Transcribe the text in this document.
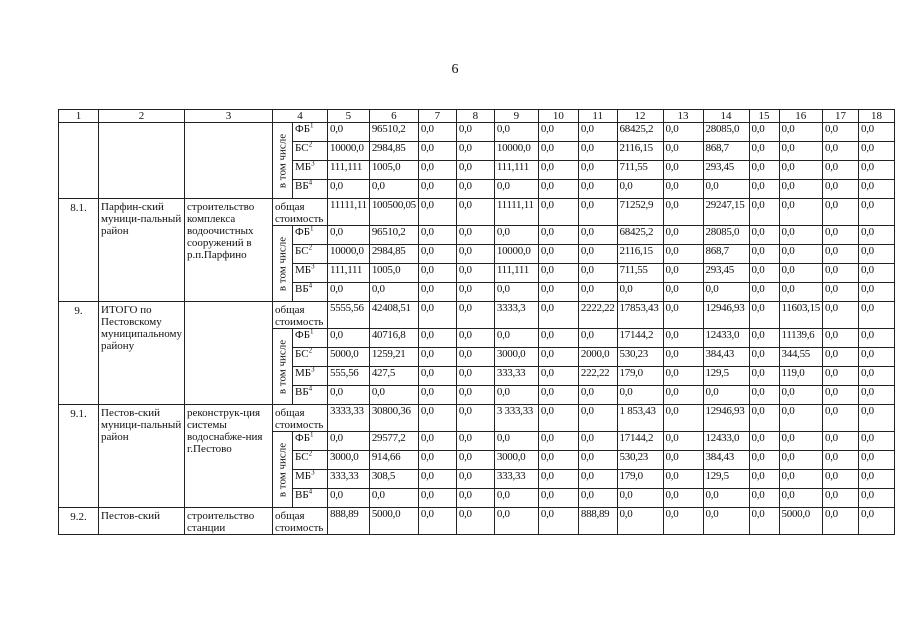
6
1	2	3	4		5	6	7	8	9	10	11	12	13	14	15	16	17	18

			в том числе	$ФБ^1$	0,0	96510,2	0,0	0,0	0,0	0,0	0,0	68425,2	0,0	28085,0	0,0	0,0	0,0	0,0
				$БС^2$	10000,0	2984,85	0,0	0,0	10000,0	0,0	0,0	2116,15	0,0	868,7	0,0	0,0	0,0	0,0
				$МБ^3$	111,111	1005,0	0,0	0,0	111,111	0,0	0,0	711,55	0,0	293,45	0,0	0,0	0,0	0,0
				$ВБ^4$	0,0	0,0	0,0	0,0	0,0	0,0	0,0	0,0	0,0	0,0	0,0	0,0	0,0	0,0
8.1.	Парфин-ский муници-пальный район	строительство комплекса водоочистных сооружений в р.п.Парфино	общая стоимость		11111,11	100500,05	0,0	0,0	11111,11	0,0	0,0	71252,9	0,0	29247,15	0,0	0,0	0,0	0,0

			в том числе	$ФБ^1$	0,0	96510,2	0,0	0,0	0,0	0,0	0,0	68425,2	0,0	28085,0	0,0	0,0	0,0	0,0
				$БС^2$	10000,0	2984,85	0,0	0,0	10000,0	0,0	0,0	2116,15	0,0	868,7	0,0	0,0	0,0	0,0
				$МБ^3$	111,111	1005,0	0,0	0,0	111,111	0,0	0,0	711,55	0,0	293,45	0,0	0,0	0,0	0,0
				$ВБ^4$	0,0	0,0	0,0	0,0	0,0	0,0	0,0	0,0	0,0	0,0	0,0	0,0	0,0	0,0
9.	ИТОГО по Пестовскому муниципальному району		общая стоимость		5555,56	42408,51	0,0	0,0	3333,3	0,0	2222,22	17853,43	0,0	12946,93	0,0	11603,15	0,0	0,0

			в том числе	$ФБ^1$	0,0	40716,8	0,0	0,0	0,0	0,0	0,0	17144,2	0,0	12433,0	0,0	11139,6	0,0	0,0
				$БС^2$	5000,0	1259,21	0,0	0,0	3000,0	0,0	2000,0	530,23	0,0	384,43	0,0	344,55	0,0	0,0
				$МБ^3$	555,56	427,5	0,0	0,0	333,33	0,0	222,22	179,0	0,0	129,5	0,0	119,0	0,0	0,0
				$ВБ^4$	0,0	0,0	0,0	0,0	0,0	0,0	0,0	0,0	0,0	0,0	0,0	0,0	0,0	0,0
9.1.	Пестов-ский муници-пальный район	реконструк-ция системы водоснабже-ния г.Пестово	общая стоимость		3333,33	30800,36	0,0	0,0	3 333,33	0,0	0,0	1 853,43	0,0	12946,93	0,0	0,0	0,0	0,0

			в том числе	$ФБ^1$	0,0	29577,2	0,0	0,0	0,0	0,0	0,0	17144,2	0,0	12433,0	0,0	0,0	0,0	0,0
				$БС^2$	3000,0	914,66	0,0	0,0	3000,0	0,0	0,0	530,23	0,0	384,43	0,0	0,0	0,0	0,0
				$МБ^3$	333,33	308,5	0,0	0,0	333,33	0,0	0,0	179,0	0,0	129,5	0,0	0,0	0,0	0,0
				$ВБ^4$	0,0	0,0	0,0	0,0	0,0	0,0	0,0	0,0	0,0	0,0	0,0	0,0	0,0	0,0
9.2.	Пестов-ский	строительство станции	общая стоимость		888,89	5000,0	0,0	0,0	0,0	0,0	888,89	0,0	0,0	0,0	0,0	5000,0	0,0	0,0
